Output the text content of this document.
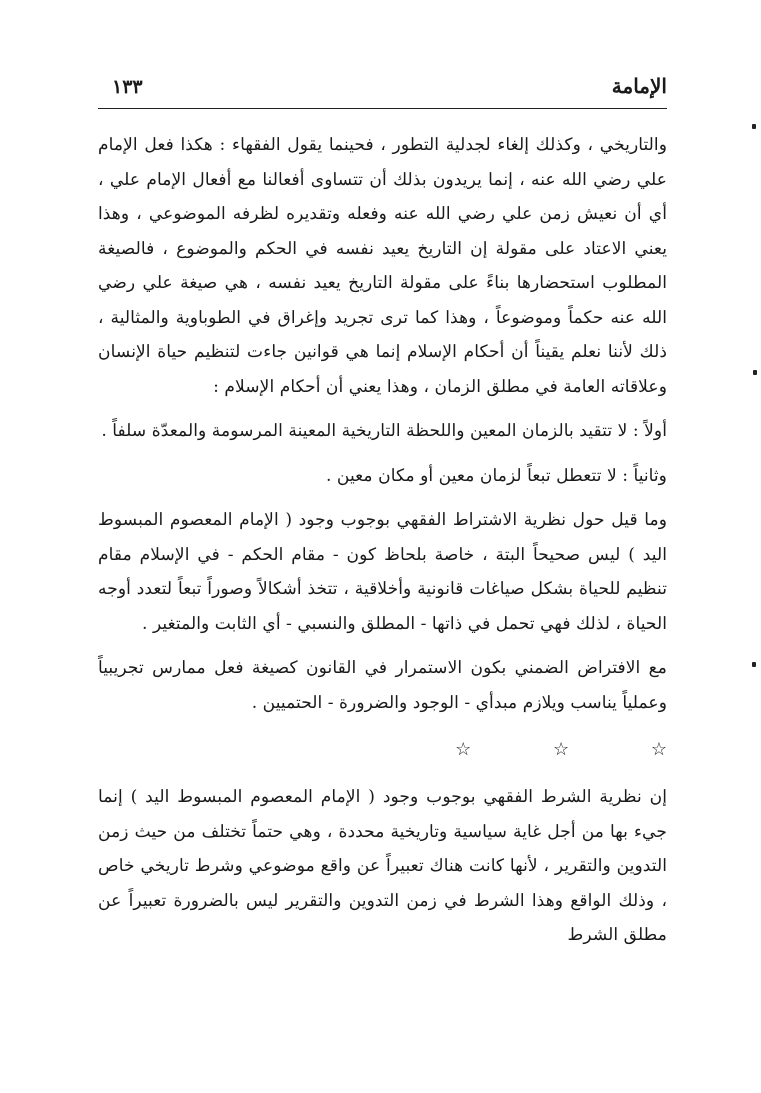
الإمامة
١٣٣

والتاريخي ، وكذلك إلغاء لجدلية التطور ، فحينما يقول الفقهاء : هكذا فعل الإمام علي رضي الله عنه ، إنما يريدون بذلك أن تتساوى أفعالنا مع أفعال الإمام علي ، أي أن نعيش زمن علي رضي الله عنه وفعله وتقديره لظرفه الموضوعي ، وهذا يعني الاعتاد على مقولة إن التاريخ يعيد نفسه في الحكم والموضوع ، فالصيغة المطلوب استحضارها بناءً على مقولة التاريخ يعيد نفسه ، هي صيغة علي رضي الله عنه حكماً وموضوعاً ، وهذا كما ترى تجريد وإغراق في الطوباوية والمثالية ، ذلك لأننا نعلم يقيناً أن أحكام الإسلام إنما هي قوانين جاءت لتنظيم حياة الإنسان وعلاقاته العامة في مطلق الزمان ، وهذا يعني أن أحكام الإسلام :

أولاً : لا تتقيد بالزمان المعين واللحظة التاريخية المعينة المرسومة والمعدّة سلفاً .

وثانياً : لا تتعطل تبعاً لزمان معين أو مكان معين .

وما قيل حول نظرية الاشتراط الفقهي بوجوب وجود ( الإمام المعصوم المبسوط اليد ) ليس صحيحاً البتة ، خاصة بلحاظ كون - مقام الحكم - في الإسلام مقام تنظيم للحياة بشكل صياغات قانونية وأخلاقية ، تتخذ أشكالاً وصوراً تبعاً لتعدد أوجه الحياة ، لذلك فهي تحمل في ذاتها - المطلق والنسبي - أي الثابت والمتغير .

مع الافتراض الضمني بكون الاستمرار في القانون كصيغة فعل ممارس تجريبياً وعملياً يناسب ويلازم مبدأي - الوجود والضرورة - الحتميين .

☆ ☆ ☆

إن نظرية الشرط الفقهي بوجوب وجود ( الإمام المعصوم المبسوط اليد ) إنما جيء بها من أجل غاية سياسية وتاريخية محددة ، وهي حتماً تختلف من حيث زمن التدوين والتقرير ، لأنها كانت هناك تعبيراً عن واقع موضوعي وشرط تاريخي خاص ، وذلك الواقع وهذا الشرط في زمن التدوين والتقرير ليس بالضرورة تعبيراً عن مطلق الشرط
